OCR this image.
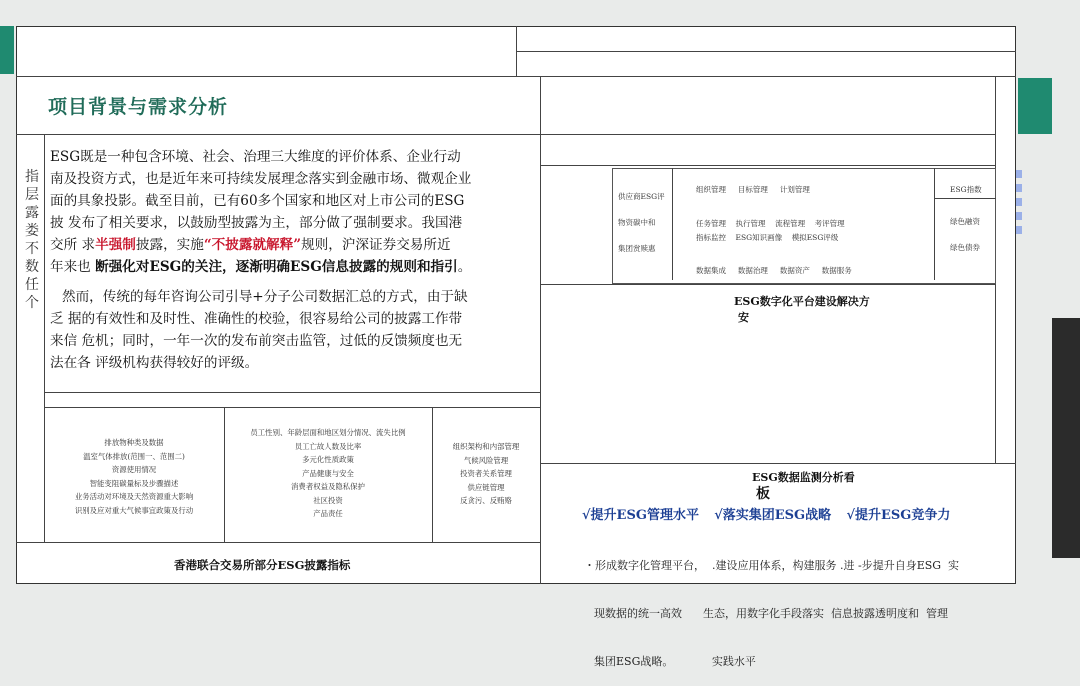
项目背景与需求分析
指层露娄不数任个
ESG既是一种包含环境、社会、治理三大维度的评价体系、企业行动
南及投资方式，也是近年来可持续发展理念落实到金融市场、微观企业
面的具象投影。截至目前，已有60多个国家和地区对上市公司的ESG
披 发布了相关要求，以鼓励型披露为主，部分做了强制要求。我国港
交所 求半强制披露，实施“不披露就解释”规则，沪深证券交易所近
年来也 断强化对ESG的关注，逐渐明确ESG信息披露的规则和指引。
然而，传统的每年咨询公司引导+分子公司数据汇总的方式，由于缺
乏 据的有效性和及时性、准确性的校验，很容易给公司的披露工作带
来信 危机；同时，一年一次的发布前突击监管，过低的反馈频度也无
法在各 评级机构获得较好的评级。
排放物种类及数据
温室气体排放(范围一、范围二)
资源使用情况
智能变阻碳量标及步骤描述
业务活动对环境及天然资源重大影响
识别及应对重大气候事宜政策及行动
员工性别、年龄层面和地区划分情况、流失比例
员工亡故人数及比率
多元化性质政策
产品健康与安全
消费者权益及隐私保护
社区投资
产品责任
组织架构和内部管理
气候风险管理
投资者关系管理
供应链管理
反贪污、反贿赂
香港联合交易所部分ESG披露指标
供应商ESG评
物资碳中和
集团赏赎惠
组织管理 目标管理 计划管理
任务管理 执行管理 流程管理 考评管理
指标监控 ESG知识画像 模拟ESG评级
数据集成 数据治理 数据资产 数据服务
ESG指数
绿色融资
绿色债券
ESG数字化平台建设解决方
安
ESG数据监测分析看
板
√提升ESG管理水平 √落实集团ESG战略 √提升ESG竞争力

・形成数字化管理平台，  .建设应用体系，构建服务 .进 -步提升自身ESG  实

现数据的统一高效      生态，用数字化手段落实  信息披露透明度和  管理

集团ESG战略。           实践水平
